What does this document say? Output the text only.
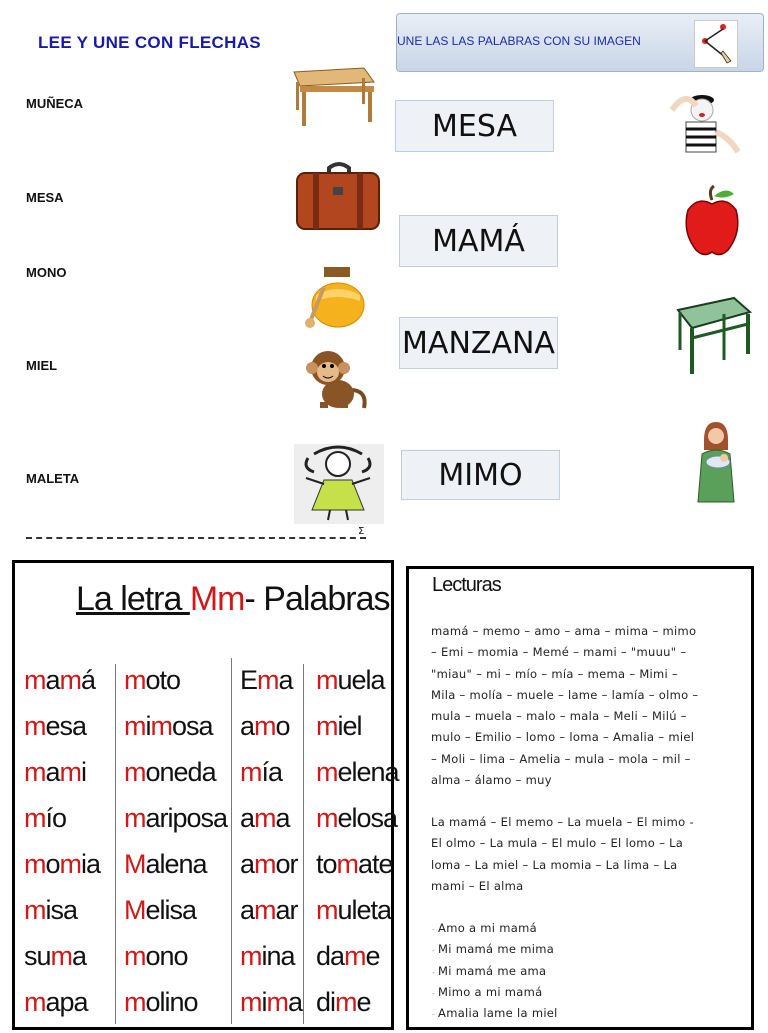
LEE Y UNE CON FLECHAS
MUÑECA
MESA
MONO
MIEL
MALETA
Σ
UNE LAS LAS PALABRAS CON SU IMAGEN
MESA
MAMÁ
MANZANA
MIMO
La letra Mm- Palabras
mamá
mesa
mami
mío
momia
misa
suma
mapa
moto
mimosa
moneda
mariposa
Malena
Melisa
mono
molino
Ema
amo
mía
ama
amor
amar
mina
mima
muela
miel
melena
melosa
tomate
muleta
dame
dime
Lecturas
mamá – memo – amo – ama – mima – mimo
– Emi – momia – Memé – mami – "muuu" –
"miau" – mi – mío – mía – mema – Mimi –
Mila – molía – muele – lame – lamía – olmo –
mula – muela – malo – mala – Meli – Milú –
mulo – Emilio – lomo – loma – Amalia – miel
– Moli – lima – Amelia – mula – mola – mil –
alma – álamo – muy
La mamá – El memo – La muela – El mimo -
El olmo – La mula – El mulo – El lomo – La
loma – La miel – La momia – La lima – La
mami – El alma
- Amo a mi mamá
- Mi mamá me mima
- Mi mamá me ama
- Mimo a mi mamá
- Amalia lame la miel
